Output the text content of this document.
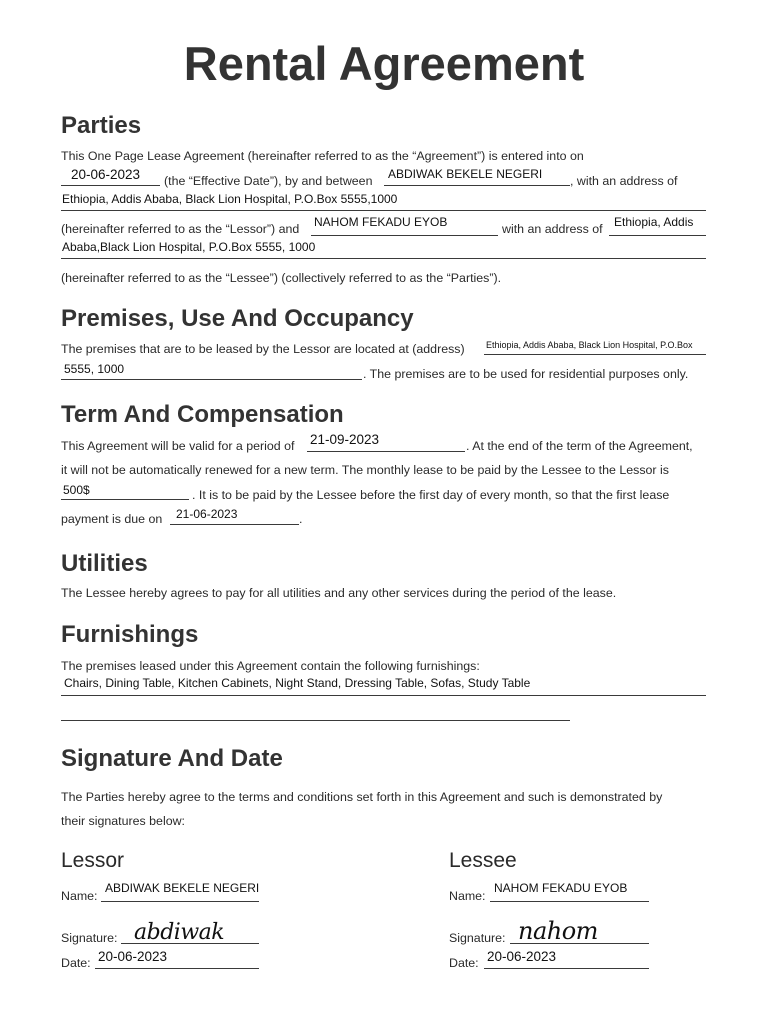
Rental Agreement
Parties
This One Page Lease Agreement (hereinafter referred to as the “Agreement”) is entered into on
20-06-2023 (the “Effective Date”), by and between ABDIWAK BEKELE NEGERI , with an address of
Ethiopia, Addis Ababa, Black Lion Hospital, P.O.Box 5555,1000
(hereinafter referred to as the “Lessor”) and NAHOM FEKADU EYOB	with an address of Ethiopia, Addis
Ababa,Black Lion Hospital, P.O.Box 5555, 1000
(hereinafter referred to as the “Lessee”) (collectively referred to as the “Parties”).
Premises, Use And Occupancy
The premises that are to be leased by the Lessor are located at (address) Ethiopia, Addis Ababa, Black Lion Hospital, P.O.Box
5555, 1000	. The premises are to be used for residential purposes only.
Term And Compensation
This Agreement will be valid for a period of 21-09-2023	. At the end of the term of the Agreement,
it will not be automatically renewed for a new term. The monthly lease to be paid by the Lessee to the Lessor is
500$	. It is to be paid by the Lessee before the first day of every month, so that the first lease
payment is due on 21-06-2023	.
Utilities
The Lessee hereby agrees to pay for all utilities and any other services during the period of the lease.
Furnishings
The premises leased under this Agreement contain the following furnishings:
Chairs, Dining Table, Kitchen Cabinets, Night Stand, Dressing Table, Sofas, Study Table
Signature And Date
The Parties hereby agree to the terms and conditions set forth in this Agreement and such is demonstrated by
their signatures below:
Lessor
Name:
ABDIWAK BEKELE NEGERI
Signature: abdiwak
Date: 20-06-2023
Lessee
Name:
NAHOM FEKADU EYOB
Signature: nahom
Date: 20-06-2023
